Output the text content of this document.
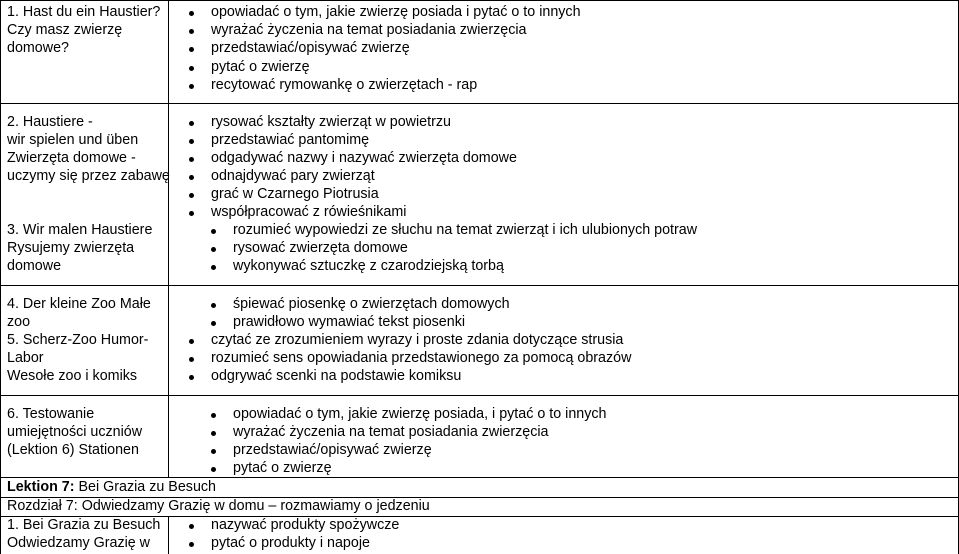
1. Hast du ein Haustier?
Czy masz zwierzę
domowe?
opowiadać o tym, jakie zwierzę posiada i pytać o to innych
wyrażać życzenia na temat posiadania zwierzęcia
przedstawiać/opisywać zwierzę
pytać o zwierzę
recytować rymowankę o zwierzętach - rap
2. Haustiere -
wir spielen und üben
Zwierzęta domowe -
uczymy się przez zabawę
3. Wir malen Haustiere
Rysujemy zwierzęta
domowe
rysować kształty zwierząt w powietrzu
przedstawiać pantomimę
odgadywać nazwy i nazywać zwierzęta domowe
odnajdywać pary zwierząt
grać w Czarnego Piotrusia
współpracować z rówieśnikami
rozumieć wypowiedzi ze słuchu na temat zwierząt i ich ulubionych potraw
rysować zwierzęta domowe
wykonywać sztuczkę z czarodziejską torbą
4. Der kleine Zoo Małe
zoo
5. Scherz-Zoo Humor-
Labor
Wesołe zoo i komiks
śpiewać piosenkę o zwierzętach domowych
prawidłowo wymawiać tekst piosenki
czytać ze zrozumieniem wyrazy i proste zdania dotyczące strusia
rozumieć sens opowiadania przedstawionego za pomocą obrazów
odgrywać scenki na podstawie komiksu
6. Testowanie
umiejętności uczniów
(Lektion 6) Stationen
opowiadać o tym, jakie zwierzę posiada, i pytać o to innych
wyrażać życzenia na temat posiadania zwierzęcia
przedstawiać/opisywać zwierzę
pytać o zwierzę
Lektion 7: Bei Grazia zu Besuch
Rozdział 7: Odwiedzamy Grazię w domu – rozmawiamy o jedzeniu
1. Bei Grazia zu Besuch
Odwiedzamy Grazię w
nazywać produkty spożywcze
pytać o produkty i napoje
